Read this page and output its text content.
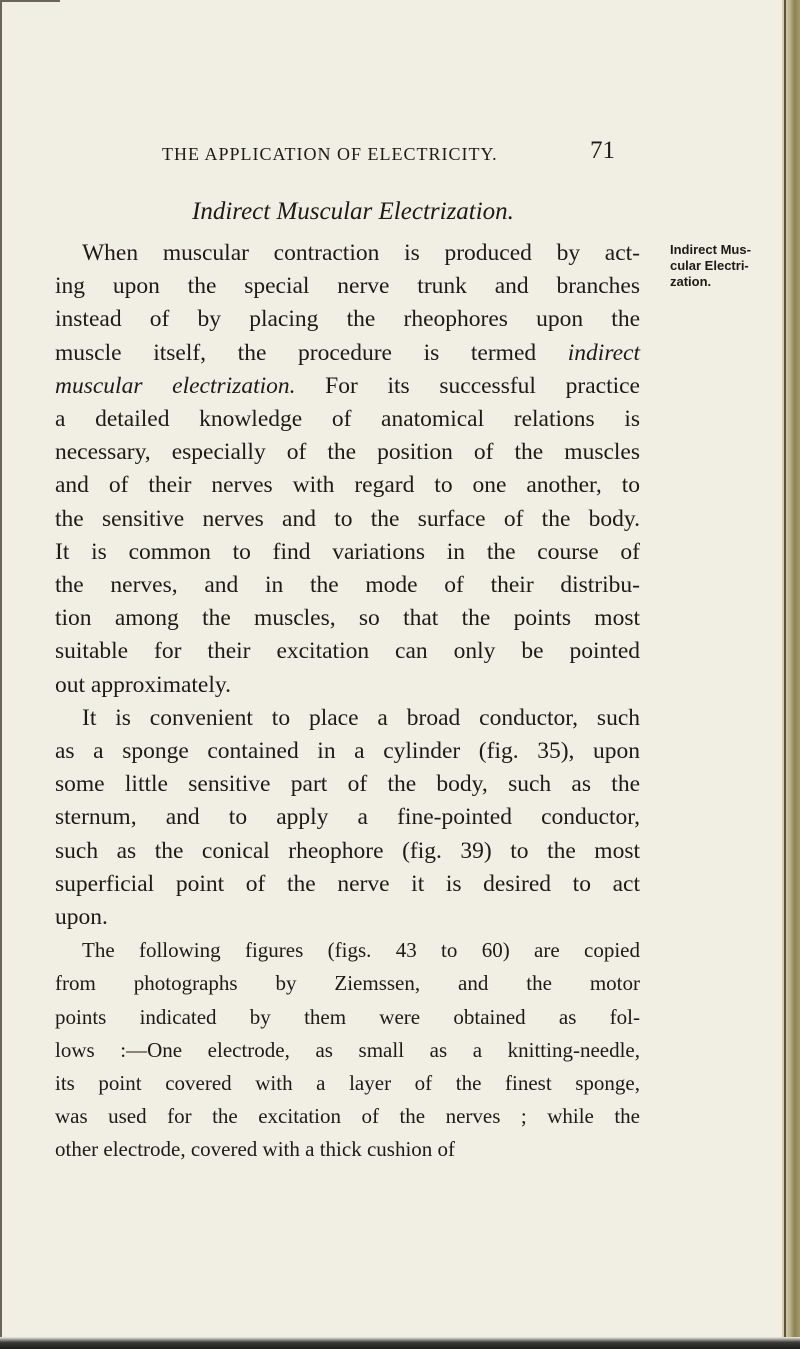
THE APPLICATION OF ELECTRICITY.	71
Indirect Muscular Electrization.
Indirect Mus-
cular Electri-
zation.

When muscular contraction is produced by act-
ing upon the special nerve trunk and branches
instead of by placing the rheophores upon the
muscle itself, the procedure is termed indirect
muscular electrization. For its successful practice
a detailed knowledge of anatomical relations is
necessary, especially of the position of the muscles
and of their nerves with regard to one another, to
the sensitive nerves and to the surface of the body.
It is common to find variations in the course of
the nerves, and in the mode of their distribu-
tion among the muscles, so that the points most
suitable for their excitation can only be pointed
out approximately.

It is convenient to place a broad conductor, such
as a sponge contained in a cylinder (fig. 35), upon
some little sensitive part of the body, such as the
sternum, and to apply a fine-pointed conductor,
such as the conical rheophore (fig. 39) to the most
superficial point of the nerve it is desired to act
upon.

The following figures (figs. 43 to 60) are copied
from photographs by Ziemssen, and the motor
points indicated by them were obtained as fol-
lows :—One electrode, as small as a knitting-needle,
its point covered with a layer of the finest sponge,
was used for the excitation of the nerves ; while the
other electrode, covered with a thick cushion of
